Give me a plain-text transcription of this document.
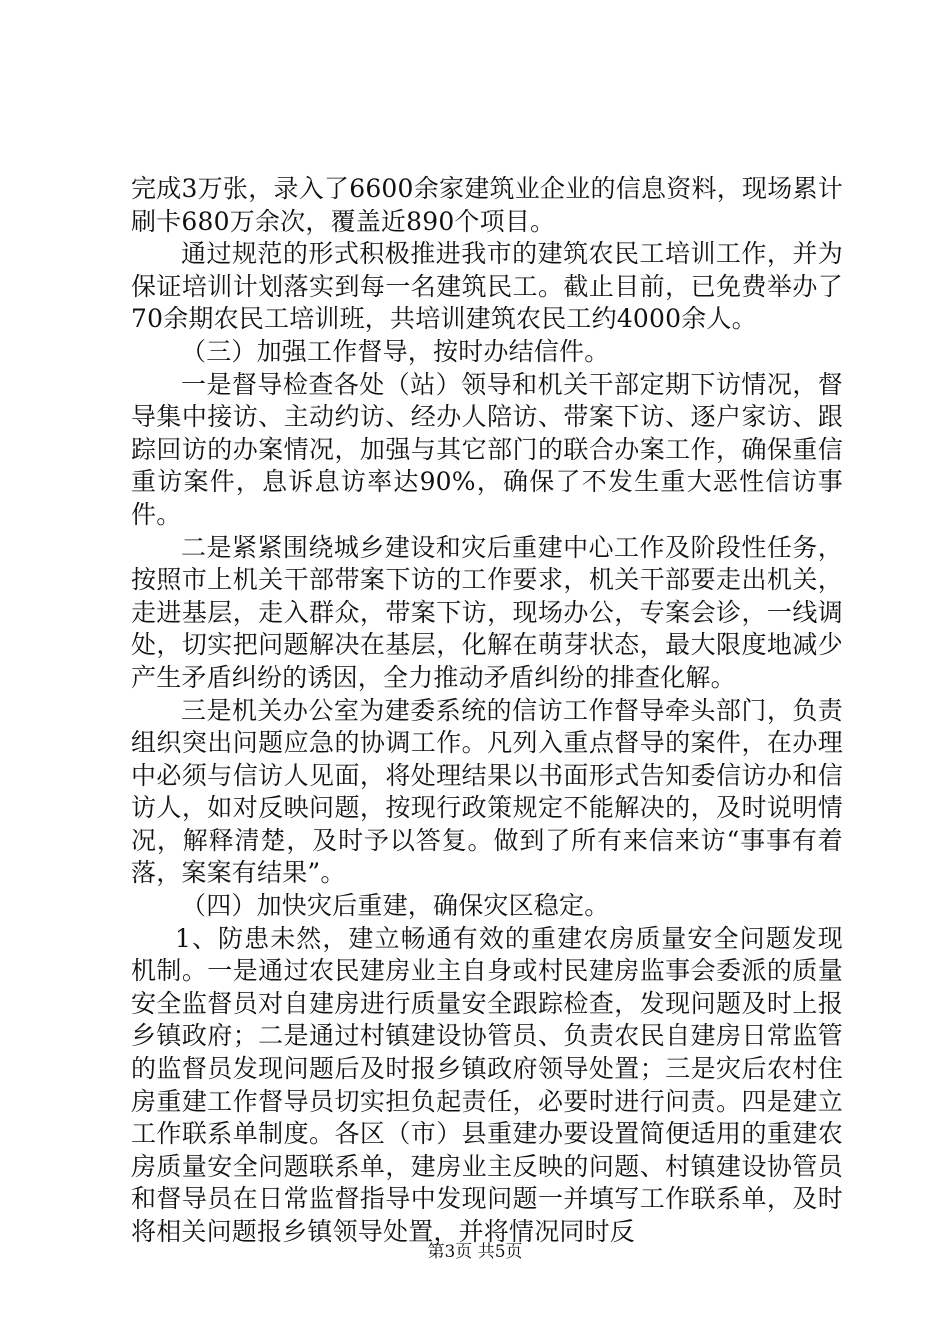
完成3万张，录入了6600余家建筑业企业的信息资料，现场累计刷卡680万余次，覆盖近890个项目。

通过规范的形式积极推进我市的建筑农民工培训工作，并为保证培训计划落实到每一名建筑民工。截止目前，已免费举办了70余期农民工培训班，共培训建筑农民工约4000余人。

（三）加强工作督导，按时办结信件。

一是督导检查各处（站）领导和机关干部定期下访情况，督导集中接访、主动约访、经办人陪访、带案下访、逐户家访、跟踪回访的办案情况，加强与其它部门的联合办案工作，确保重信重访案件，息诉息访率达90%，确保了不发生重大恶性信访事件。

二是紧紧围绕城乡建设和灾后重建中心工作及阶段性任务，按照市上机关干部带案下访的工作要求，机关干部要走出机关，走进基层，走入群众，带案下访，现场办公，专案会诊，一线调处，切实把问题解决在基层，化解在萌芽状态，最大限度地减少产生矛盾纠纷的诱因，全力推动矛盾纠纷的排查化解。

三是机关办公室为建委系统的信访工作督导牵头部门，负责组织突出问题应急的协调工作。凡列入重点督导的案件，在办理中必须与信访人见面，将处理结果以书面形式告知委信访办和信访人，如对反映问题，按现行政策规定不能解决的，及时说明情况，解释清楚，及时予以答复。做到了所有来信来访“事事有着落，案案有结果”。

（四）加快灾后重建，确保灾区稳定。

1、防患未然，建立畅通有效的重建农房质量安全问题发现机制。一是通过农民建房业主自身或村民建房监事会委派的质量安全监督员对自建房进行质量安全跟踪检查，发现问题及时上报乡镇政府；二是通过村镇建设协管员、负责农民自建房日常监管的监督员发现问题后及时报乡镇政府领导处置；三是灾后农村住房重建工作督导员切实担负起责任，必要时进行问责。四是建立工作联系单制度。各区（市）县重建办要设置简便适用的重建农房质量安全问题联系单，建房业主反映的问题、村镇建设协管员和督导员在日常监督指导中发现问题一并填写工作联系单，及时将相关问题报乡镇领导处置，并将情况同时反

第3页 共5页
